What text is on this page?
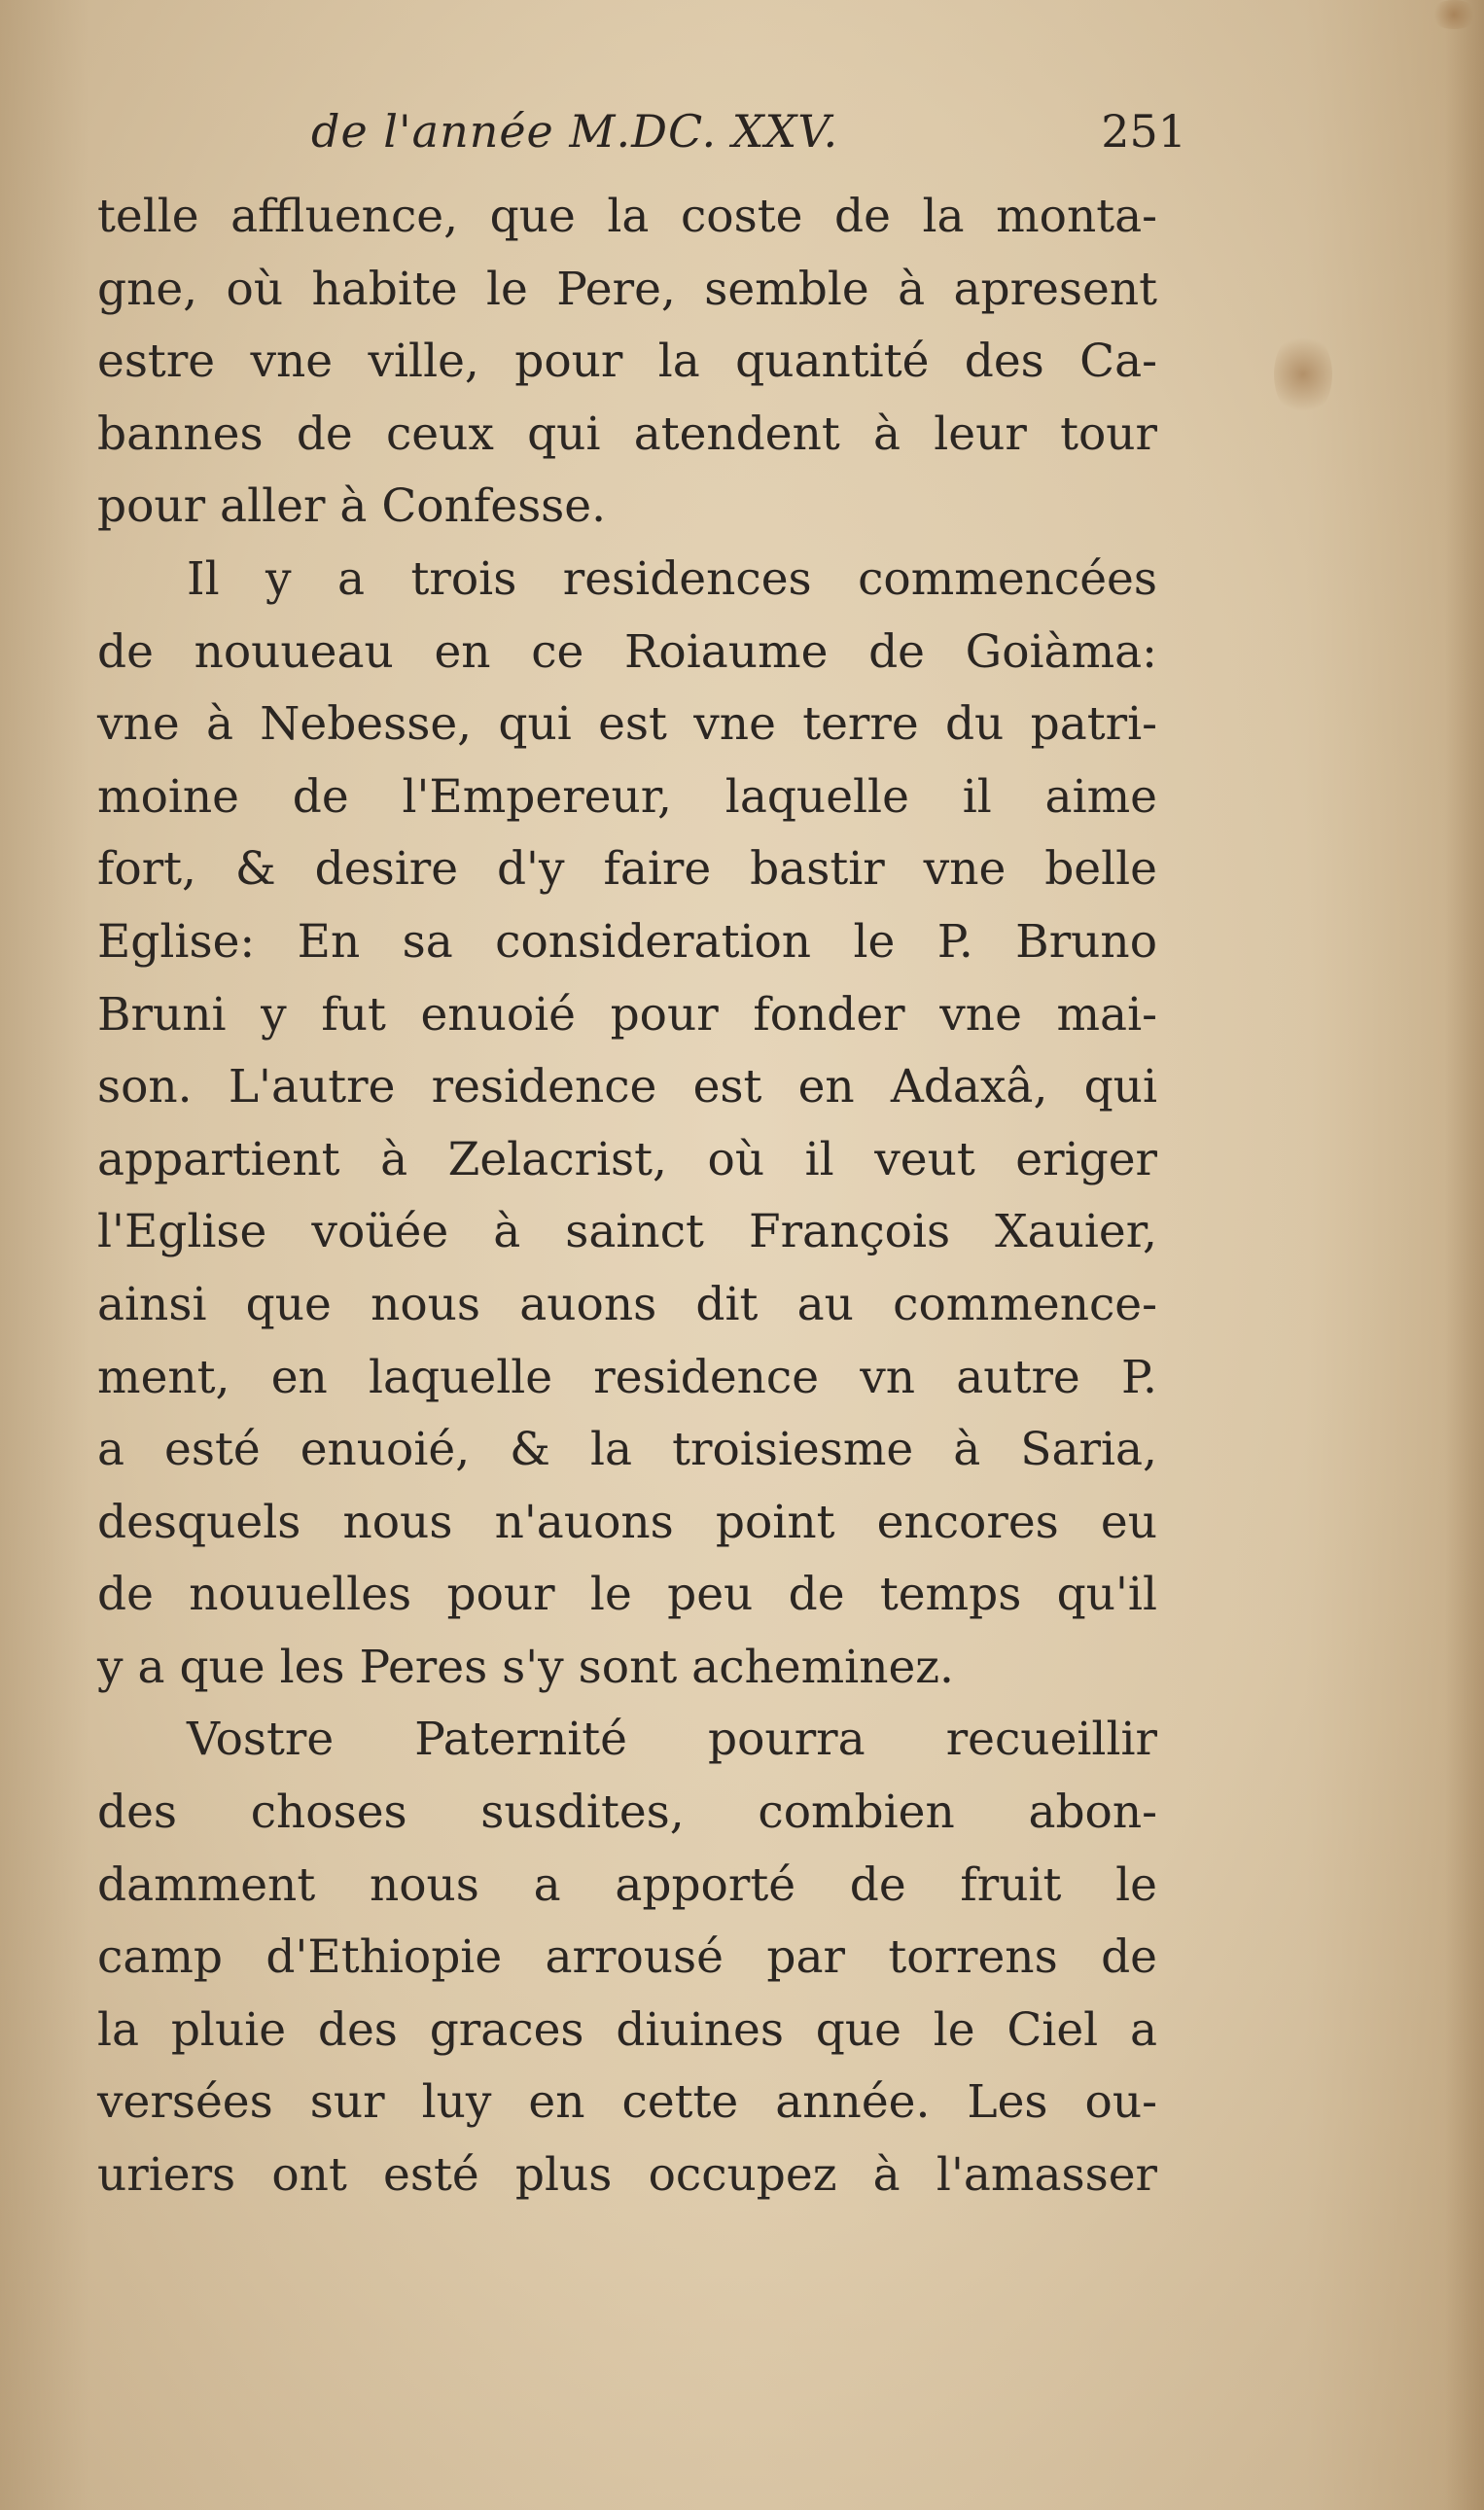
de l'année M.DC. XXV.	251
telle affluence, que la coste de la monta-
gne, où habite le Pere, semble à apresent
estre vne ville, pour la quantité des Ca-
bannes de ceux qui atendent à leur tour
pour aller à Confesse.
Il y a trois residences commencées
de nouueau en ce Roiaume de Goiàma:
vne à Nebesse, qui est vne terre du patri-
moine de l'Empereur, laquelle il aime
fort, & desire d'y faire bastir vne belle
Eglise: En sa consideration le P. Bruno
Bruni y fut enuoié pour fonder vne mai-
son. L'autre residence est en Adaxâ, qui
appartient à Zelacrist, où il veut eriger
l'Eglise voüée à sainct François Xauier,
ainsi que nous auons dit au commence-
ment, en laquelle residence vn autre P.
a esté enuoié, & la troisiesme à Saria,
desquels nous n'auons point encores eu
de nouuelles pour le peu de temps qu'il
y a que les Peres s'y sont acheminez.
Vostre Paternité pourra recueillir
des choses susdites, combien abon-
damment nous a apporté de fruit le
camp d'Ethiopie arrousé par torrens de
la pluie des graces diuines que le Ciel a
versées sur luy en cette année. Les ou-
uriers ont esté plus occupez à l'amasser
